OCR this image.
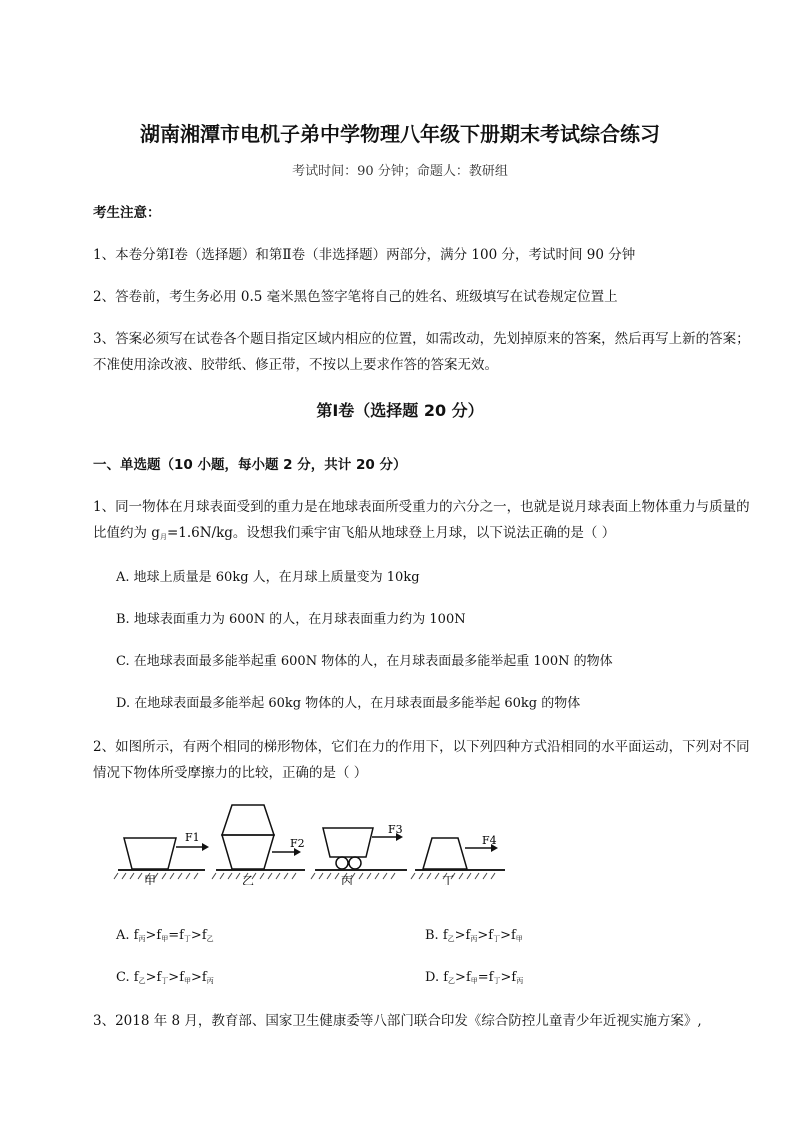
湖南湘潭市电机子弟中学物理八年级下册期末考试综合练习
考试时间：90 分钟；命题人：教研组
考生注意：
1、本卷分第Ⅰ卷（选择题）和第Ⅱ卷（非选择题）两部分，满分 100 分，考试时间 90 分钟
2、答卷前，考生务必用 0.5 毫米黑色签字笔将自己的姓名、班级填写在试卷规定位置上
3、答案必须写在试卷各个题目指定区域内相应的位置，如需改动，先划掉原来的答案，然后再写上新的答案；不准使用涂改液、胶带纸、修正带，不按以上要求作答的答案无效。
第Ⅰ卷（选择题 20 分）
一、单选题（10 小题，每小题 2 分，共计 20 分）
1、同一物体在月球表面受到的重力是在地球表面所受重力的六分之一，也就是说月球表面上物体重力与质量的比值约为 $g_月=1.6N/kg$。设想我们乘宇宙飞船从地球登上月球，以下说法正确的是（ ）
A. 地球上质量是 60kg 人，在月球上质量变为 10kg
B. 地球表面重力为 600N 的人，在月球表面重力约为 100N
C. 在地球表面最多能举起重 600N 物体的人，在月球表面最多能举起重 100N 的物体
D. 在地球表面最多能举起 60kg 物体的人，在月球表面最多能举起 60kg 的物体
2、如图所示，有两个相同的梯形物体，它们在力的作用下，以下列四种方式沿相同的水平面运动，下列对不同情况下物体所受摩擦力的比较，正确的是（ ）
F1
甲
F2
乙
F3
丙
F4
丁
A. $f_丙>f_甲=f_丁>f_乙$	B. $f_乙>f_丙>f_丁>f_甲$
C. $f_乙>f_丁>f_甲>f_丙$	D. $f_乙>f_甲=f_丁>f_丙$
3、2018 年 8 月，教育部、国家卫生健康委等八部门联合印发《综合防控儿童青少年近视实施方案》,
